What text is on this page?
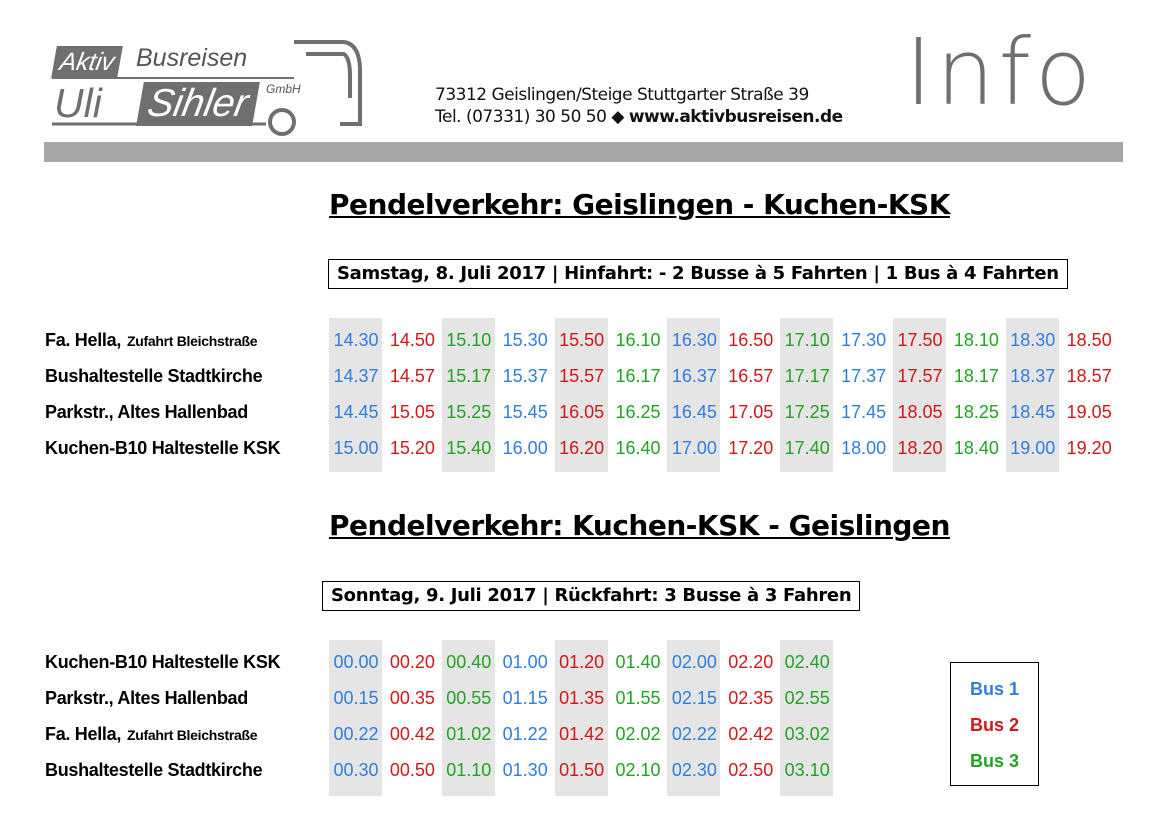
Aktiv Busreisen
Uli Sihler	GmbH	73312 Geislingen/Steige Stuttgarter Straße 39
Tel. (07331) 30 50 50 ◆ www.aktivbusreisen.de Info
Pendelverkehr: Geislingen - Kuchen-KSK
Samstag, 8. Juli 2017 | Hinfahrt: - 2 Busse à 5 Fahrten | 1 Bus à 4 Fahrten
Fa. Hella, Zufahrt Bleichstraße	14.30 14.50 15.10 15.30 15.50 16.10 16.30 16.50 17.10 17.30 17.50 18.10 18.30 18.50
Bushaltestelle Stadtkirche	14.37 14.57 15.17 15.37 15.57 16.17 16.37 16.57 17.17 17.37 17.57 18.17 18.37 18.57
Parkstr., Altes Hallenbad	14.45 15.05 15.25 15.45 16.05 16.25 16.45 17.05 17.25 17.45 18.05 18.25 18.45 19.05
Kuchen-B10 Haltestelle KSK	15.00 15.20 15.40 16.00 16.20 16.40 17.00 17.20 17.40 18.00 18.20 18.40 19.00 19.20
Pendelverkehr: Kuchen-KSK - Geislingen
Sonntag, 9. Juli 2017 | Rückfahrt: 3 Busse à 3 Fahren
Kuchen-B10 Haltestelle KSK	00.00 00.20 00.40 01.00 01.20 01.40 02.00 02.20 02.40
Parkstr., Altes Hallenbad	00.15 00.35 00.55 01.15 01.35 01.55 02.15 02.35 02.55
Fa. Hella, Zufahrt Bleichstraße	00.22 00.42 01.02 01.22 01.42 02.02 02.22 02.42 03.02
Bushaltestelle Stadtkirche	00.30 00.50 01.10 01.30 01.50 02.10 02.30 02.50 03.10
Bus 1
Bus 2
Bus 3
